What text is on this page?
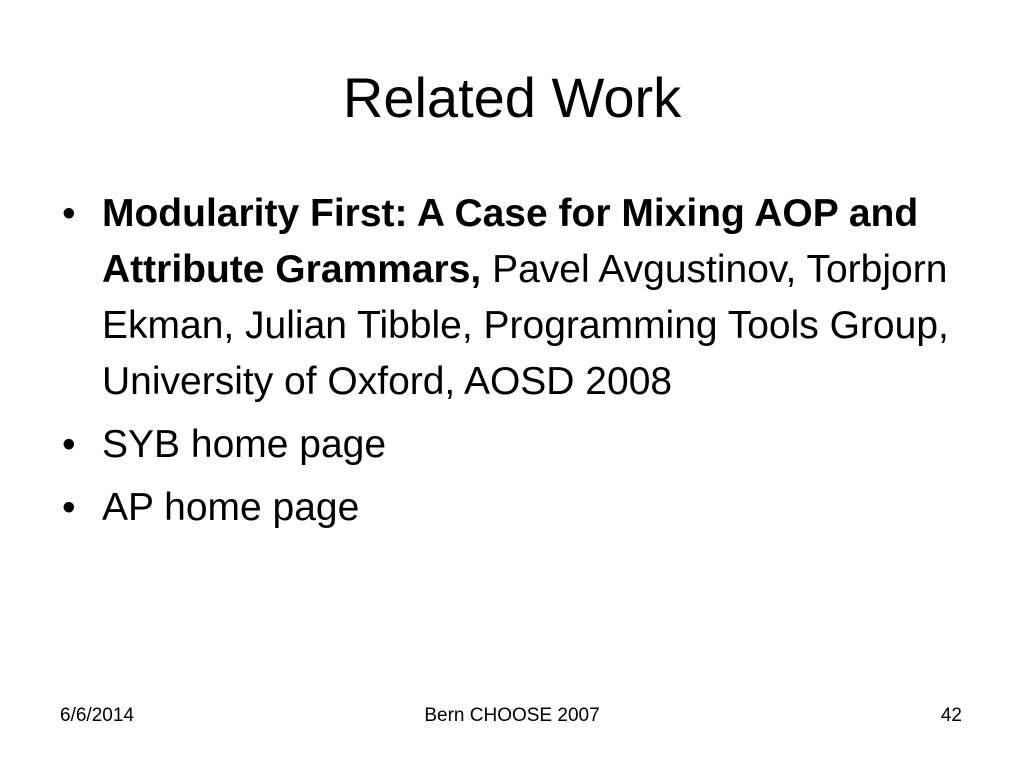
Related Work
• Modularity First: A Case for Mixing AOP and Attribute Grammars, Pavel Avgustinov, Torbjorn Ekman, Julian Tibble, Programming Tools Group, University of Oxford, AOSD 2008
• SYB home page
• AP home page
6/6/2014	Bern CHOOSE 2007	42
